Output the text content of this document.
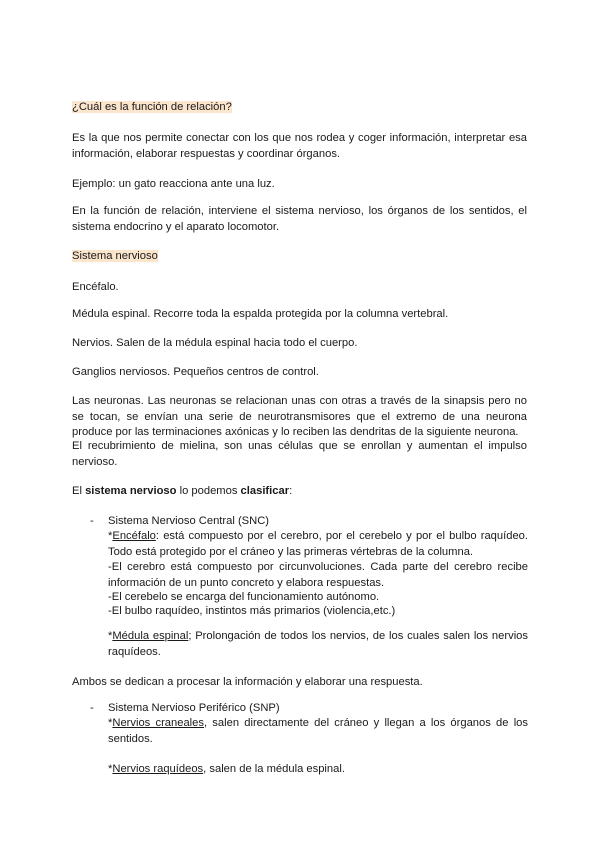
¿Cuál es la función de relación?

Es la que nos permite conectar con los que nos rodea y coger información, interpretar esa información, elaborar respuestas y coordinar órganos.

Ejemplo: un gato reacciona ante una luz.

En la función de relación, interviene el sistema nervioso, los órganos de los sentidos, el sistema endocrino y el aparato locomotor.

Sistema nervioso

Encéfalo.

Médula espinal. Recorre toda la espalda protegida por la columna vertebral.

Nervios. Salen de la médula espinal hacia todo el cuerpo.

Ganglios nerviosos. Pequeños centros de control.

Las neuronas. Las neuronas se relacionan unas con otras a través de la sinapsis pero no se tocan, se envían una serie de neurotransmisores que el extremo de una neurona produce por las terminaciones axónicas y lo reciben las dendritas de la siguiente neurona.

El recubrimiento de mielina, son unas células que se enrollan y aumentan el impulso nervioso.

El sistema nervioso lo podemos clasificar:

-	Sistema Nervioso Central (SNC)

*Encéfalo: está compuesto por el cerebro, por el cerebelo y por el bulbo raquídeo. Todo está protegido por el cráneo y las primeras vértebras de la columna.

-El cerebro está compuesto por circunvoluciones. Cada parte del cerebro recibe información de un punto concreto y elabora respuestas.

-El cerebelo se encarga del funcionamiento autónomo.

-El bulbo raquídeo, instintos más primarios (violencia,etc.)

*Médula espinal; Prolongación de todos los nervios, de los cuales salen los nervios raquídeos.

Ambos se dedican a procesar la información y elaborar una respuesta.

-	Sistema Nervioso Periférico (SNP)

*Nervios craneales, salen directamente del cráneo y llegan a los órganos de los sentidos.

*Nervios raquídeos, salen de la médula espinal.
